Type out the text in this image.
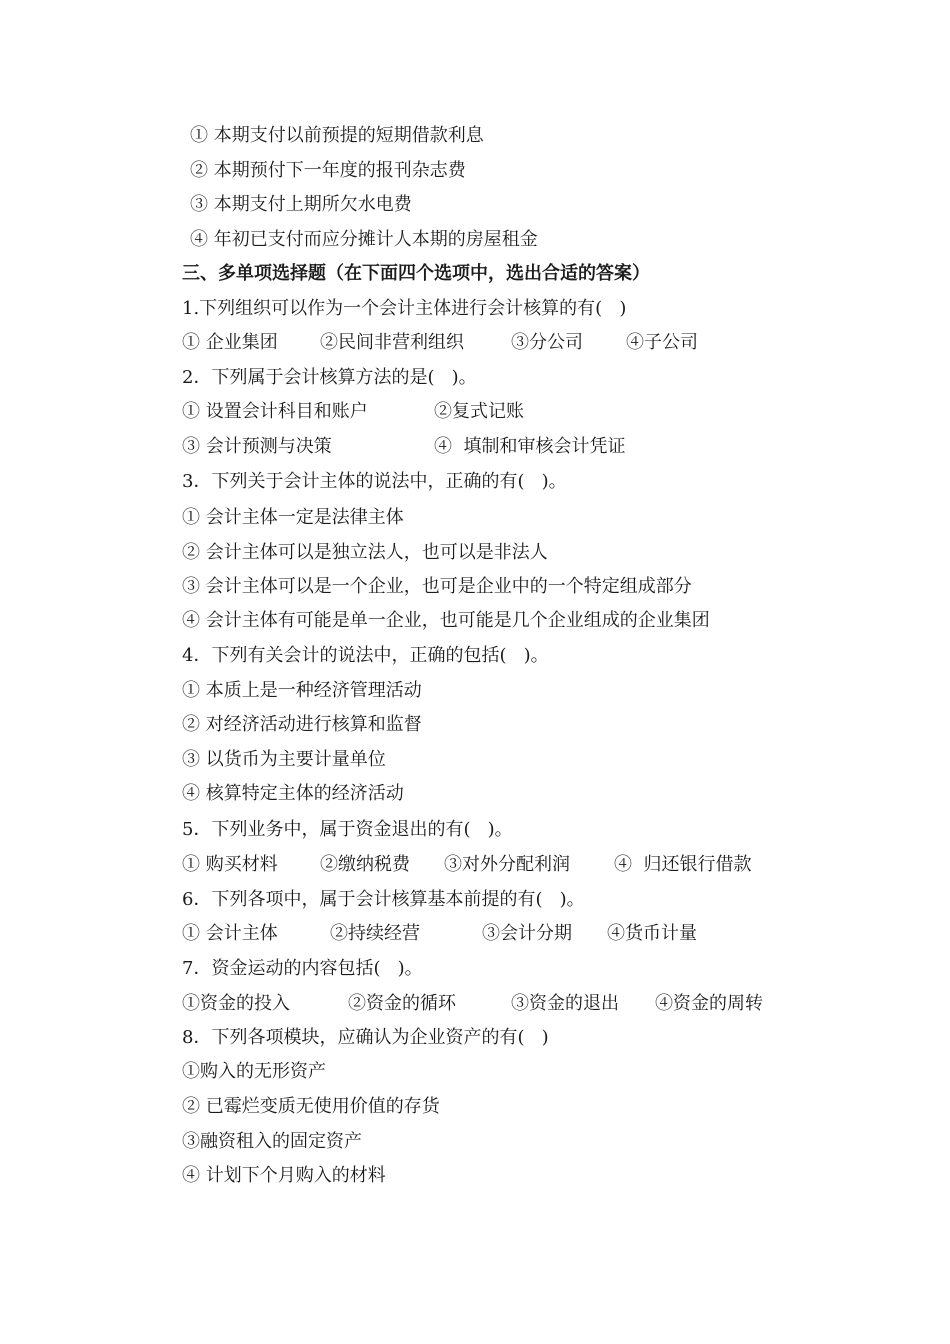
① 本期支付以前预提的短期借款利息
② 本期预付下一年度的报刊杂志费
③ 本期支付上期所欠水电费
④ 年初已支付而应分摊计人本期的房屋租金
三、多单项选择题（在下面四个选项中，选出合适的答案）
1.下列组织可以作为一个会计主体进行会计核算的有(   )
① 企业集团 ②民间非营利组织	③分公司 ④子公司
2．下列属于会计核算方法的是(   )。
① 设置会计科目和账户	②复式记账
③ 会计预测与决策	④  填制和审核会计凭证
3．下列关于会计主体的说法中，正确的有(   )。
① 会计主体一定是法律主体
② 会计主体可以是独立法人，也可以是非法人
③ 会计主体可以是一个企业，也可是企业中的一个特定组成部分
④ 会计主体有可能是单一企业，也可能是几个企业组成的企业集团
4．下列有关会计的说法中，正确的包括(   )。
① 本质上是一种经济管理活动
② 对经济活动进行核算和监督
③ 以货币为主要计量单位
④ 核算特定主体的经济活动
5．下列业务中，属于资金退出的有(   )。
① 购买材料 ②缴纳税费 ③对外分配利润 ④  归还银行借款
6．下列各项中，属于会计核算基本前提的有(   )。
① 会计主体	②持续经营	③会计分期 ④货币计量
7．资金运动的内容包括(   )。
①资金的投入	②资金的循环	③资金的退出 ④资金的周转
8．下列各项模块，应确认为企业资产的有(   )
①购入的无形资产
② 已霉烂变质无使用价值的存货
③融资租入的固定资产
④ 计划下个月购入的材料
